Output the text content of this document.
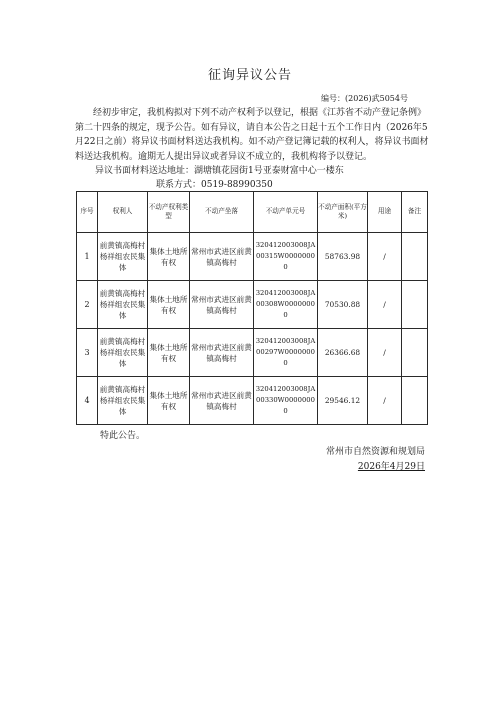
征询异议公告
编号：(2026)武5054号
经初步审定，我机构拟对下列不动产权利予以登记，根据《江苏省不动产登记条例》第二十四条的规定，现予公告。如有异议，请自本公告之日起十五个工作日内（2026年5月22日之前）将异议书面材料送达我机构。如不动产登记簿记载的权利人，将异议书面材料送达我机构。逾期无人提出异议或者异议不成立的，我机构将予以登记。
异议书面材料送达地址：湖塘镇花园街1号亚泰财富中心一楼东
联系方式：0519-88990350
序号	权利人	不动产权利类型	不动产坐落	不动产单元号	不动产面积(平方米)	用途	备注
1	前黄镇高梅村杨祥组农民集体	集体土地所有权	常州市武进区前黄镇高梅村	320412003008JA00315W00000000	58763.98	/	
2	前黄镇高梅村杨祥组农民集体	集体土地所有权	常州市武进区前黄镇高梅村	320412003008JA00308W00000000	70530.88	/	
3	前黄镇高梅村杨祥组农民集体	集体土地所有权	常州市武进区前黄镇高梅村	320412003008JA00297W00000000	26366.68	/	
4	前黄镇高梅村杨祥组农民集体	集体土地所有权	常州市武进区前黄镇高梅村	320412003008JA00330W00000000	29546.12	/	
特此公告。
常州市自然资源和规划局
2026年4月29日
